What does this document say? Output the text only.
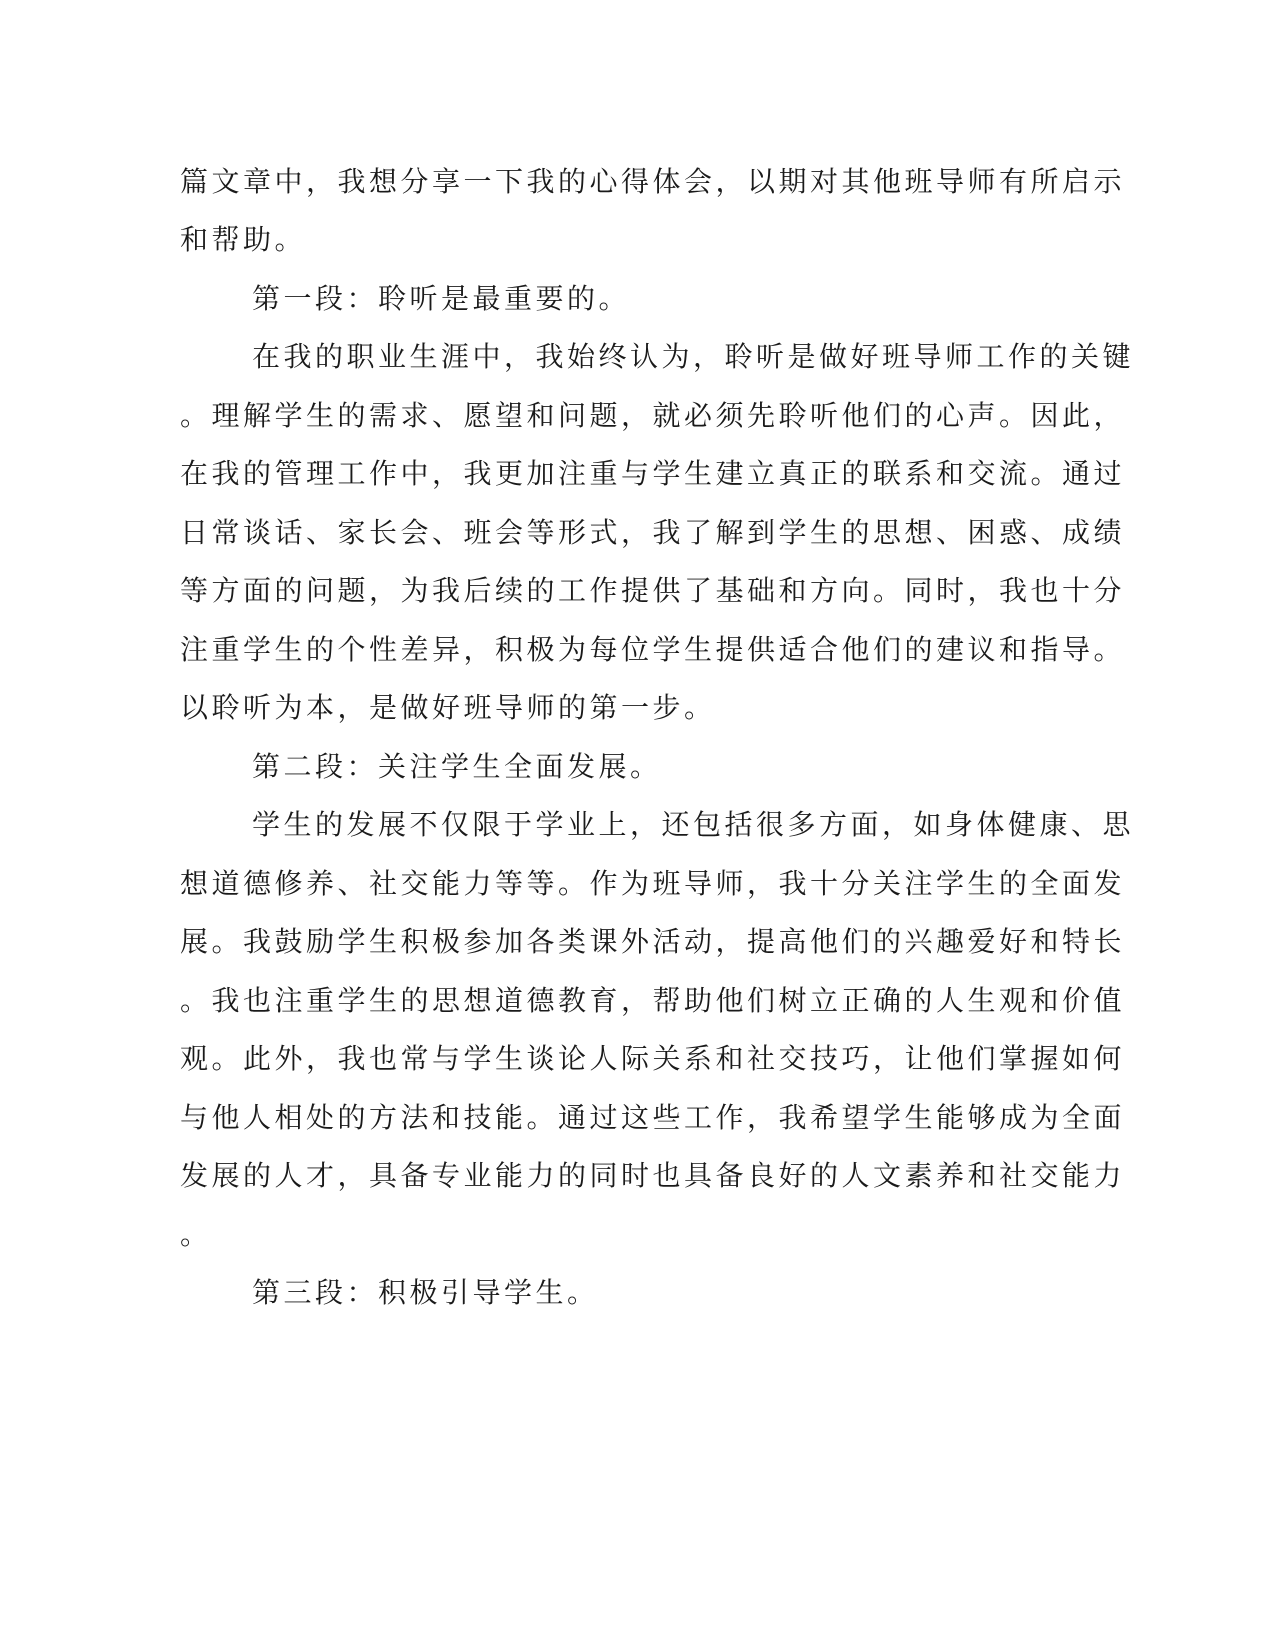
篇文章中，我想分享一下我的心得体会，以期对其他班导师有所启示
和帮助。
第一段：聆听是最重要的。
在我的职业生涯中，我始终认为，聆听是做好班导师工作的关键
。理解学生的需求、愿望和问题，就必须先聆听他们的心声。因此，
在我的管理工作中，我更加注重与学生建立真正的联系和交流。通过
日常谈话、家长会、班会等形式，我了解到学生的思想、困惑、成绩
等方面的问题，为我后续的工作提供了基础和方向。同时，我也十分
注重学生的个性差异，积极为每位学生提供适合他们的建议和指导。
以聆听为本，是做好班导师的第一步。
第二段：关注学生全面发展。
学生的发展不仅限于学业上，还包括很多方面，如身体健康、思
想道德修养、社交能力等等。作为班导师，我十分关注学生的全面发
展。我鼓励学生积极参加各类课外活动，提高他们的兴趣爱好和特长
。我也注重学生的思想道德教育，帮助他们树立正确的人生观和价值
观。此外，我也常与学生谈论人际关系和社交技巧，让他们掌握如何
与他人相处的方法和技能。通过这些工作，我希望学生能够成为全面
发展的人才，具备专业能力的同时也具备良好的人文素养和社交能力
。
第三段：积极引导学生。
